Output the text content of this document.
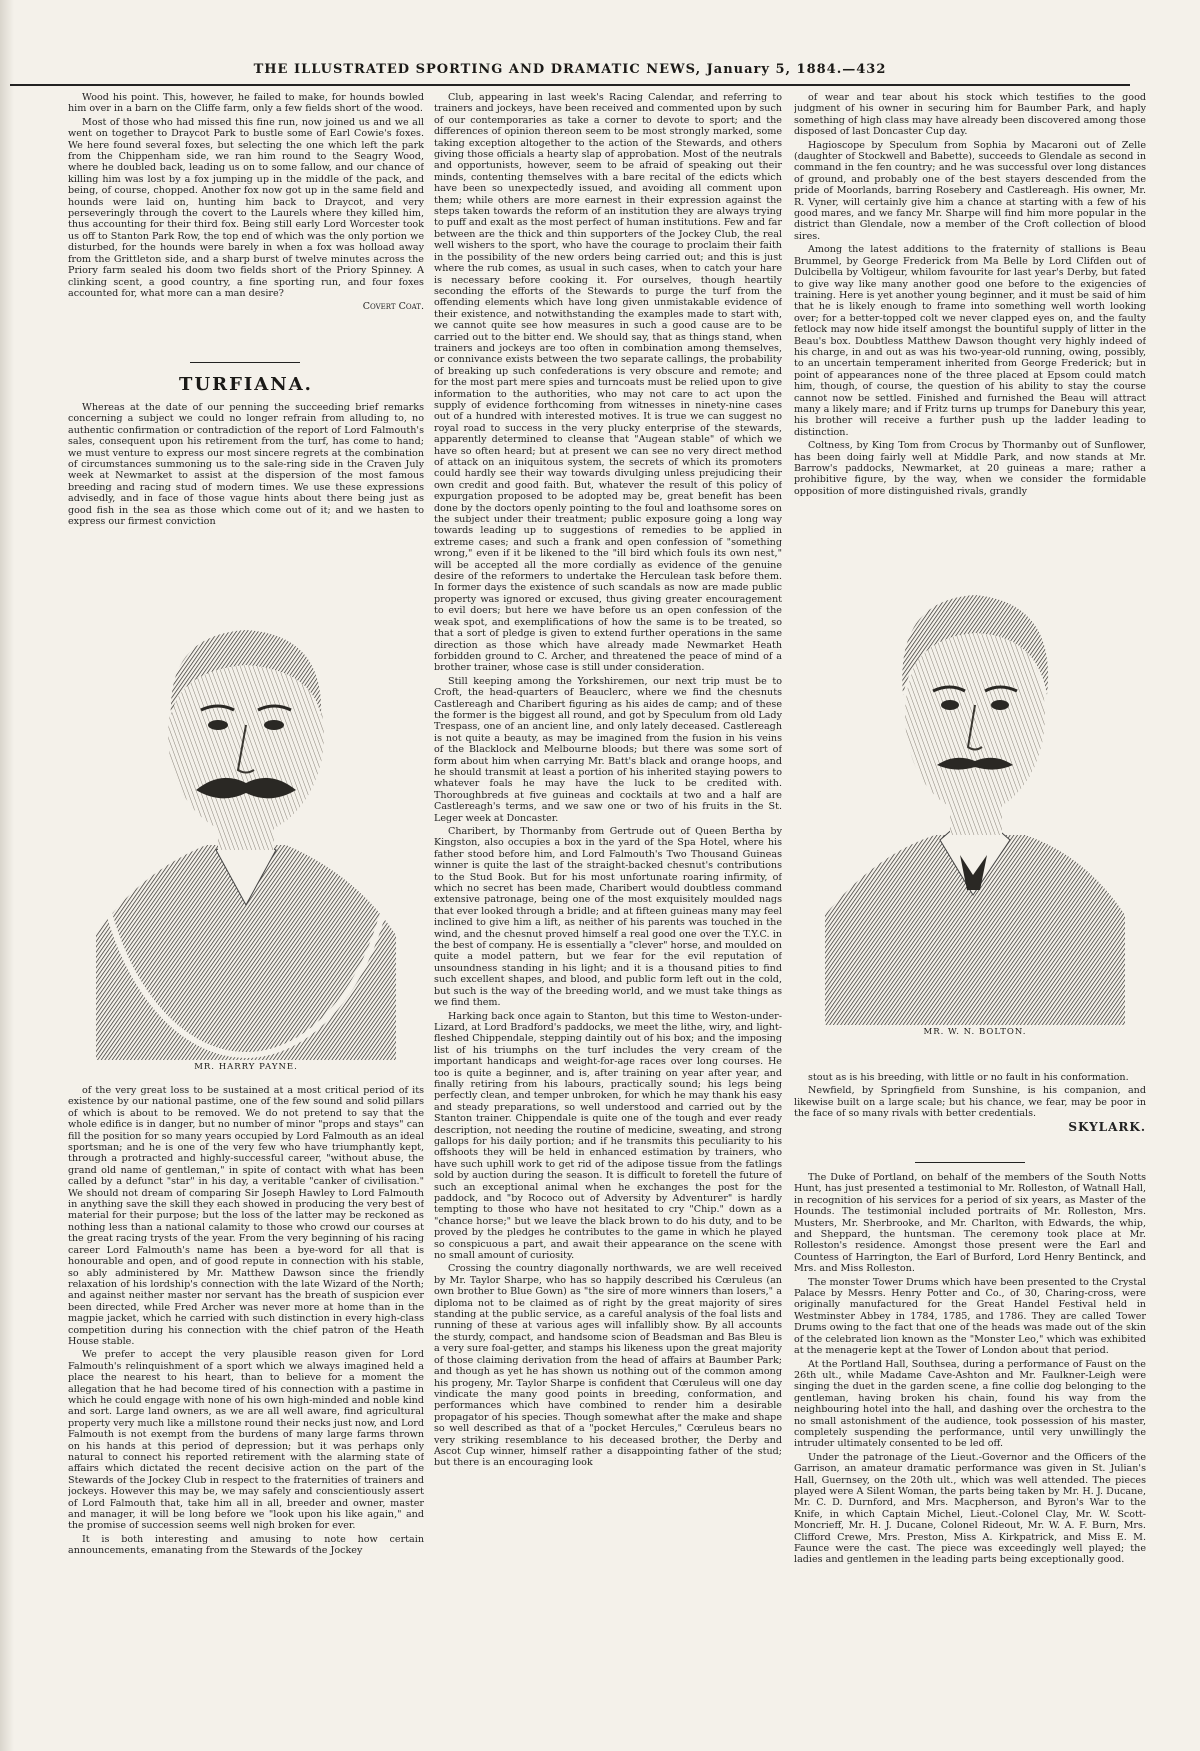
THE ILLUSTRATED SPORTING AND DRAMATIC NEWS, January 5, 1884.—432

Wood his point. This, however, he failed to make, for hounds bowled him over in a barn on the Cliffe farm, only a few fields short of the wood.

Most of those who had missed this fine run, now joined us and we all went on together to Draycot Park to bustle some of Earl Cowie's foxes. We here found several foxes, but selecting the one which left the park from the Chippenham side, we ran him round to the Seagry Wood, where he doubled back, leading us on to some fallow, and our chance of killing him was lost by a fox jumping up in the middle of the pack, and being, of course, chopped. Another fox now got up in the same field and hounds were laid on, hunting him back to Draycot, and very perseveringly through the covert to the Laurels where they killed him, thus accounting for their third fox. Being still early Lord Worcester took us off to Stanton Park Row, the top end of which was the only portion we disturbed, for the hounds were barely in when a fox was holload away from the Grittleton side, and a sharp burst of twelve minutes across the Priory farm sealed his doom two fields short of the Priory Spinney. A clinking scent, a good country, a fine sporting run, and four foxes accounted for, what more can a man desire?

Covert Coat.
TURFIANA.

Whereas at the date of our penning the succeeding brief remarks concerning a subject we could no longer refrain from alluding to, no authentic confirmation or contradiction of the report of Lord Falmouth's sales, consequent upon his retirement from the turf, has come to hand; we must venture to express our most sincere regrets at the combination of circumstances summoning us to the sale-ring side in the Craven July week at Newmarket to assist at the dispersion of the most famous breeding and racing stud of modern times. We use these expressions advisedly, and in face of those vague hints about there being just as good fish in the sea as those which come out of it; and we hasten to express our firmest conviction

MR. HARRY PAYNE.

of the very great loss to be sustained at a most critical period of its existence by our national pastime, one of the few sound and solid pillars of which is about to be removed. We do not pretend to say that the whole edifice is in danger, but no number of minor "props and stays" can fill the position for so many years occupied by Lord Falmouth as an ideal sportsman; and he is one of the very few who have triumphantly kept, through a protracted and highly-successful career, "without abuse, the grand old name of gentleman," in spite of contact with what has been called by a defunct "star" in his day, a veritable "canker of civilisation." We should not dream of comparing Sir Joseph Hawley to Lord Falmouth in anything save the skill they each showed in producing the very best of material for their purpose; but the loss of the latter may be reckoned as nothing less than a national calamity to those who crowd our courses at the great racing trysts of the year. From the very beginning of his racing career Lord Falmouth's name has been a bye-word for all that is honourable and open, and of good repute in connection with his stable, so ably administered by Mr. Matthew Dawson since the friendly relaxation of his lordship's connection with the late Wizard of the North; and against neither master nor servant has the breath of suspicion ever been directed, while Fred Archer was never more at home than in the magpie jacket, which he carried with such distinction in every high-class competition during his connection with the chief patron of the Heath House stable.

We prefer to accept the very plausible reason given for Lord Falmouth's relinquishment of a sport which we always imagined held a place the nearest to his heart, than to believe for a moment the allegation that he had become tired of his connection with a pastime in which he could engage with none of his own high-minded and noble kind and sort. Large land owners, as we are all well aware, find agricultural property very much like a millstone round their necks just now, and Lord Falmouth is not exempt from the burdens of many large farms thrown on his hands at this period of depression; but it was perhaps only natural to connect his reported retirement with the alarming state of affairs which dictated the recent decisive action on the part of the Stewards of the Jockey Club in respect to the fraternities of trainers and jockeys. However this may be, we may safely and conscientiously assert of Lord Falmouth that, take him all in all, breeder and owner, master and manager, it will be long before we "look upon his like again," and the promise of succession seems well nigh broken for ever.

It is both interesting and amusing to note how certain announcements, emanating from the Stewards of the Jockey

Club, appearing in last week's Racing Calendar, and referring to trainers and jockeys, have been received and commented upon by such of our contemporaries as take a corner to devote to sport; and the differences of opinion thereon seem to be most strongly marked, some taking exception altogether to the action of the Stewards, and others giving those officials a hearty slap of approbation. Most of the neutrals and opportunists, however, seem to be afraid of speaking out their minds, contenting themselves with a bare recital of the edicts which have been so unexpectedly issued, and avoiding all comment upon them; while others are more earnest in their expression against the steps taken towards the reform of an institution they are always trying to puff and exalt as the most perfect of human institutions. Few and far between are the thick and thin supporters of the Jockey Club, the real well wishers to the sport, who have the courage to proclaim their faith in the possibility of the new orders being carried out; and this is just where the rub comes, as usual in such cases, when to catch your hare is necessary before cooking it. For ourselves, though heartily seconding the efforts of the Stewards to purge the turf from the offending elements which have long given unmistakable evidence of their existence, and notwithstanding the examples made to start with, we cannot quite see how measures in such a good cause are to be carried out to the bitter end. We should say, that as things stand, when trainers and jockeys are too often in combination among themselves, or connivance exists between the two separate callings, the probability of breaking up such confederations is very obscure and remote; and for the most part mere spies and turncoats must be relied upon to give information to the authorities, who may not care to act upon the supply of evidence forthcoming from witnesses in ninety-nine cases out of a hundred with interested motives. It is true we can suggest no royal road to success in the very plucky enterprise of the stewards, apparently determined to cleanse that "Augean stable" of which we have so often heard; but at present we can see no very direct method of attack on an iniquitous system, the secrets of which its promoters could hardly see their way towards divulging unless prejudicing their own credit and good faith. But, whatever the result of this policy of expurgation proposed to be adopted may be, great benefit has been done by the doctors openly pointing to the foul and loathsome sores on the subject under their treatment; public exposure going a long way towards leading up to suggestions of remedies to be applied in extreme cases; and such a frank and open confession of "something wrong," even if it be likened to the "ill bird which fouls its own nest," will be accepted all the more cordially as evidence of the genuine desire of the reformers to undertake the Herculean task before them. In former days the existence of such scandals as now are made public property was ignored or excused, thus giving greater encouragement to evil doers; but here we have before us an open confession of the weak spot, and exemplifications of how the same is to be treated, so that a sort of pledge is given to extend further operations in the same direction as those which have already made Newmarket Heath forbidden ground to C. Archer, and threatened the peace of mind of a brother trainer, whose case is still under consideration.

Still keeping among the Yorkshiremen, our next trip must be to Croft, the head-quarters of Beauclerc, where we find the chesnuts Castlereagh and Charibert figuring as his aides de camp; and of these the former is the biggest all round, and got by Speculum from old Lady Trespass, one of an ancient line, and only lately deceased. Castlereagh is not quite a beauty, as may be imagined from the fusion in his veins of the Blacklock and Melbourne bloods; but there was some sort of form about him when carrying Mr. Batt's black and orange hoops, and he should transmit at least a portion of his inherited staying powers to whatever foals he may have the luck to be credited with. Thoroughbreds at five guineas and cocktails at two and a half are Castlereagh's terms, and we saw one or two of his fruits in the St. Leger week at Doncaster.

Charibert, by Thormanby from Gertrude out of Queen Bertha by Kingston, also occupies a box in the yard of the Spa Hotel, where his father stood before him, and Lord Falmouth's Two Thousand Guineas winner is quite the last of the straight-backed chesnut's contributions to the Stud Book. But for his most unfortunate roaring infirmity, of which no secret has been made, Charibert would doubtless command extensive patronage, being one of the most exquisitely moulded nags that ever looked through a bridle; and at fifteen guineas many may feel inclined to give him a lift, as neither of his parents was touched in the wind, and the chesnut proved himself a real good one over the T.Y.C. in the best of company. He is essentially a "clever" horse, and moulded on quite a model pattern, but we fear for the evil reputation of unsoundness standing in his light; and it is a thousand pities to find such excellent shapes, and blood, and public form left out in the cold, but such is the way of the breeding world, and we must take things as we find them.

Harking back once again to Stanton, but this time to Weston-under-Lizard, at Lord Bradford's paddocks, we meet the lithe, wiry, and light-fleshed Chippendale, stepping daintily out of his box; and the imposing list of his triumphs on the turf includes the very cream of the important handicaps and weight-for-age races over long courses. He too is quite a beginner, and is, after training on year after year, and finally retiring from his labours, practically sound; his legs being perfectly clean, and temper unbroken, for which he may thank his easy and steady preparations, so well understood and carried out by the Stanton trainer. Chippendale is quite one of the tough and ever ready description, not needing the routine of medicine, sweating, and strong gallops for his daily portion; and if he transmits this peculiarity to his offshoots they will be held in enhanced estimation by trainers, who have such uphill work to get rid of the adipose tissue from the fatlings sold by auction during the season. It is difficult to foretell the future of such an exceptional animal when he exchanges the post for the paddock, and "by Rococo out of Adversity by Adventurer" is hardly tempting to those who have not hesitated to cry "Chip." down as a "chance horse;" but we leave the black brown to do his duty, and to be proved by the pledges he contributes to the game in which he played so conspicuous a part, and await their appearance on the scene with no small amount of curiosity.

Crossing the country diagonally northwards, we are well received by Mr. Taylor Sharpe, who has so happily described his Cœruleus (an own brother to Blue Gown) as "the sire of more winners than losers," a diploma not to be claimed as of right by the great majority of sires standing at the public service, as a careful analysis of the foal lists and running of these at various ages will infallibly show. By all accounts the sturdy, compact, and handsome scion of Beadsman and Bas Bleu is a very sure foal-getter, and stamps his likeness upon the great majority of those claiming derivation from the head of affairs at Baumber Park; and though as yet he has shown us nothing out of the common among his progeny, Mr. Taylor Sharpe is confident that Cœruleus will one day vindicate the many good points in breeding, conformation, and performances which have combined to render him a desirable propagator of his species. Though somewhat after the make and shape so well described as that of a "pocket Hercules," Cœruleus bears no very striking resemblance to his deceased brother, the Derby and Ascot Cup winner, himself rather a disappointing father of the stud; but there is an encouraging look

of wear and tear about his stock which testifies to the good judgment of his owner in securing him for Baumber Park, and haply something of high class may have already been discovered among those disposed of last Doncaster Cup day.

Hagioscope by Speculum from Sophia by Macaroni out of Zelle (daughter of Stockwell and Babette), succeeds to Glendale as second in command in the fen country; and he was successful over long distances of ground, and probably one of the best stayers descended from the pride of Moorlands, barring Rosebery and Castlereagh. His owner, Mr. R. Vyner, will certainly give him a chance at starting with a few of his good mares, and we fancy Mr. Sharpe will find him more popular in the district than Glendale, now a member of the Croft collection of blood sires.

Among the latest additions to the fraternity of stallions is Beau Brummel, by George Frederick from Ma Belle by Lord Clifden out of Dulcibella by Voltigeur, whilom favourite for last year's Derby, but fated to give way like many another good one before to the exigencies of training. Here is yet another young beginner, and it must be said of him that he is likely enough to frame into something well worth looking over; for a better-topped colt we never clapped eyes on, and the faulty fetlock may now hide itself amongst the bountiful supply of litter in the Beau's box. Doubtless Matthew Dawson thought very highly indeed of his charge, in and out as was his two-year-old running, owing, possibly, to an uncertain temperament inherited from George Frederick; but in point of appearances none of the three placed at Epsom could match him, though, of course, the question of his ability to stay the course cannot now be settled. Finished and furnished the Beau will attract many a likely mare; and if Fritz turns up trumps for Danebury this year, his brother will receive a further push up the ladder leading to distinction.

Coltness, by King Tom from Crocus by Thormanby out of Sunflower, has been doing fairly well at Middle Park, and now stands at Mr. Barrow's paddocks, Newmarket, at 20 guineas a mare; rather a prohibitive figure, by the way, when we consider the formidable opposition of more distinguished rivals, grandly

MR. W. N. BOLTON.

stout as is his breeding, with little or no fault in his conformation.

Newfield, by Springfield from Sunshine, is his companion, and likewise built on a large scale; but his chance, we fear, may be poor in the face of so many rivals with better credentials.

SKYLARK.

The Duke of Portland, on behalf of the members of the South Notts Hunt, has just presented a testimonial to Mr. Rolleston, of Watnall Hall, in recognition of his services for a period of six years, as Master of the Hounds. The testimonial included portraits of Mr. Rolleston, Mrs. Musters, Mr. Sherbrooke, and Mr. Charlton, with Edwards, the whip, and Sheppard, the huntsman. The ceremony took place at Mr. Rolleston's residence. Amongst those present were the Earl and Countess of Harrington, the Earl of Burford, Lord Henry Bentinck, and Mrs. and Miss Rolleston.

The monster Tower Drums which have been presented to the Crystal Palace by Messrs. Henry Potter and Co., of 30, Charing-cross, were originally manufactured for the Great Handel Festival held in Westminster Abbey in 1784, 1785, and 1786. They are called Tower Drums owing to the fact that one of the heads was made out of the skin of the celebrated lion known as the "Monster Leo," which was exhibited at the menagerie kept at the Tower of London about that period.

At the Portland Hall, Southsea, during a performance of Faust on the 26th ult., while Madame Cave-Ashton and Mr. Faulkner-Leigh were singing the duet in the garden scene, a fine collie dog belonging to the gentleman, having broken his chain, found his way from the neighbouring hotel into the hall, and dashing over the orchestra to the no small astonishment of the audience, took possession of his master, completely suspending the performance, until very unwillingly the intruder ultimately consented to be led off.

Under the patronage of the Lieut.-Governor and the Officers of the Garrison, an amateur dramatic performance was given in St. Julian's Hall, Guernsey, on the 20th ult., which was well attended. The pieces played were A Silent Woman, the parts being taken by Mr. H. J. Ducane, Mr. C. D. Durnford, and Mrs. Macpherson, and Byron's War to the Knife, in which Captain Michel, Lieut.-Colonel Clay, Mr. W. Scott-Moncrieff, Mr. H. J. Ducane, Colonel Rideout, Mr. W. A. F. Burn, Mrs. Clifford Crewe, Mrs. Preston, Miss A. Kirkpatrick, and Miss E. M. Faunce were the cast. The piece was exceedingly well played; the ladies and gentlemen in the leading parts being exceptionally good.
